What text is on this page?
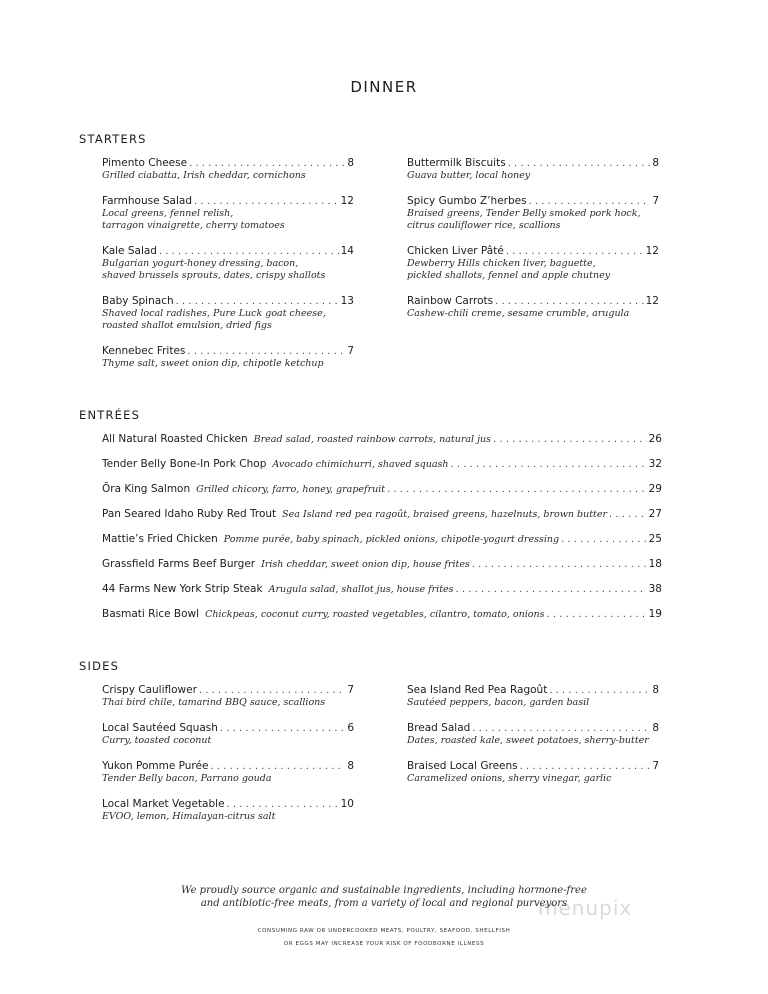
DINNER
STARTERS
Pimento Cheese . . .	8
Grilled ciabatta, Irish cheddar, cornichons
Farmhouse Salad . . .	12
Local greens, fennel relish,
tarragon vinaigrette, cherry tomatoes
Kale Salad . . .	14
Bulgarian yogurt-honey dressing, bacon,
shaved brussels sprouts, dates, crispy shallots
Baby Spinach . . .	13
Shaved local radishes, Pure Luck goat cheese,
roasted shallot emulsion, dried figs
Kennebec Frites . . .	7
Thyme salt, sweet onion dip, chipotle ketchup
Buttermilk Biscuits . . .	8
Guava butter, local honey
Spicy Gumbo Z’herbes . . .	7
Braised greens, Tender Belly smoked pork hock,
citrus cauliflower rice, scallions
Chicken Liver Pâté . . .	12
Dewberry Hills chicken liver, baguette,
pickled shallots, fennel and apple chutney
Rainbow Carrots . . .	12
Cashew-chili creme, sesame crumble, arugula
ENTRÉES
All Natural Roasted Chicken Bread salad, roasted rainbow carrots, natural jus . . .	26
Tender Belly Bone-In Pork Chop Avocado chimichurri, shaved squash . . .	32
Ōra King Salmon Grilled chicory, farro, honey, grapefruit . . .	29
Pan Seared Idaho Ruby Red Trout Sea Island red pea ragoût, braised greens, hazelnuts, brown butter . . .	27
Mattie’s Fried Chicken Pomme purée, baby spinach, pickled onions, chipotle-yogurt dressing . . .	25
Grassfield Farms Beef Burger Irish cheddar, sweet onion dip, house frites . . .	18
44 Farms New York Strip Steak Arugula salad, shallot jus, house frites . . .	38
Basmati Rice Bowl Chickpeas, coconut curry, roasted vegetables, cilantro, tomato, onions . . .	19
SIDES
Crispy Cauliflower . . .	7
Thai bird chile, tamarind BBQ sauce, scallions
Local Sautéed Squash . . .	6
Curry, toasted coconut
Yukon Pomme Purée . . .	8
Tender Belly bacon, Parrano gouda
Local Market Vegetable . . .	10
EVOO, lemon, Himalayan-citrus salt
Sea Island Red Pea Ragoût . . .	8
Sautéed peppers, bacon, garden basil
Bread Salad . . .	8
Dates, roasted kale, sweet potatoes, sherry-butter
Braised Local Greens . . .	7
Caramelized onions, sherry vinegar, garlic
menupix
We proudly source organic and sustainable ingredients, including hormone-free
and antibiotic-free meats, from a variety of local and regional purveyors
CONSUMING RAW OR UNDERCOOKED MEATS, POULTRY, SEAFOOD, SHELLFISH
OR EGGS MAY INCREASE YOUR RISK OF FOODBORNE ILLNESS
